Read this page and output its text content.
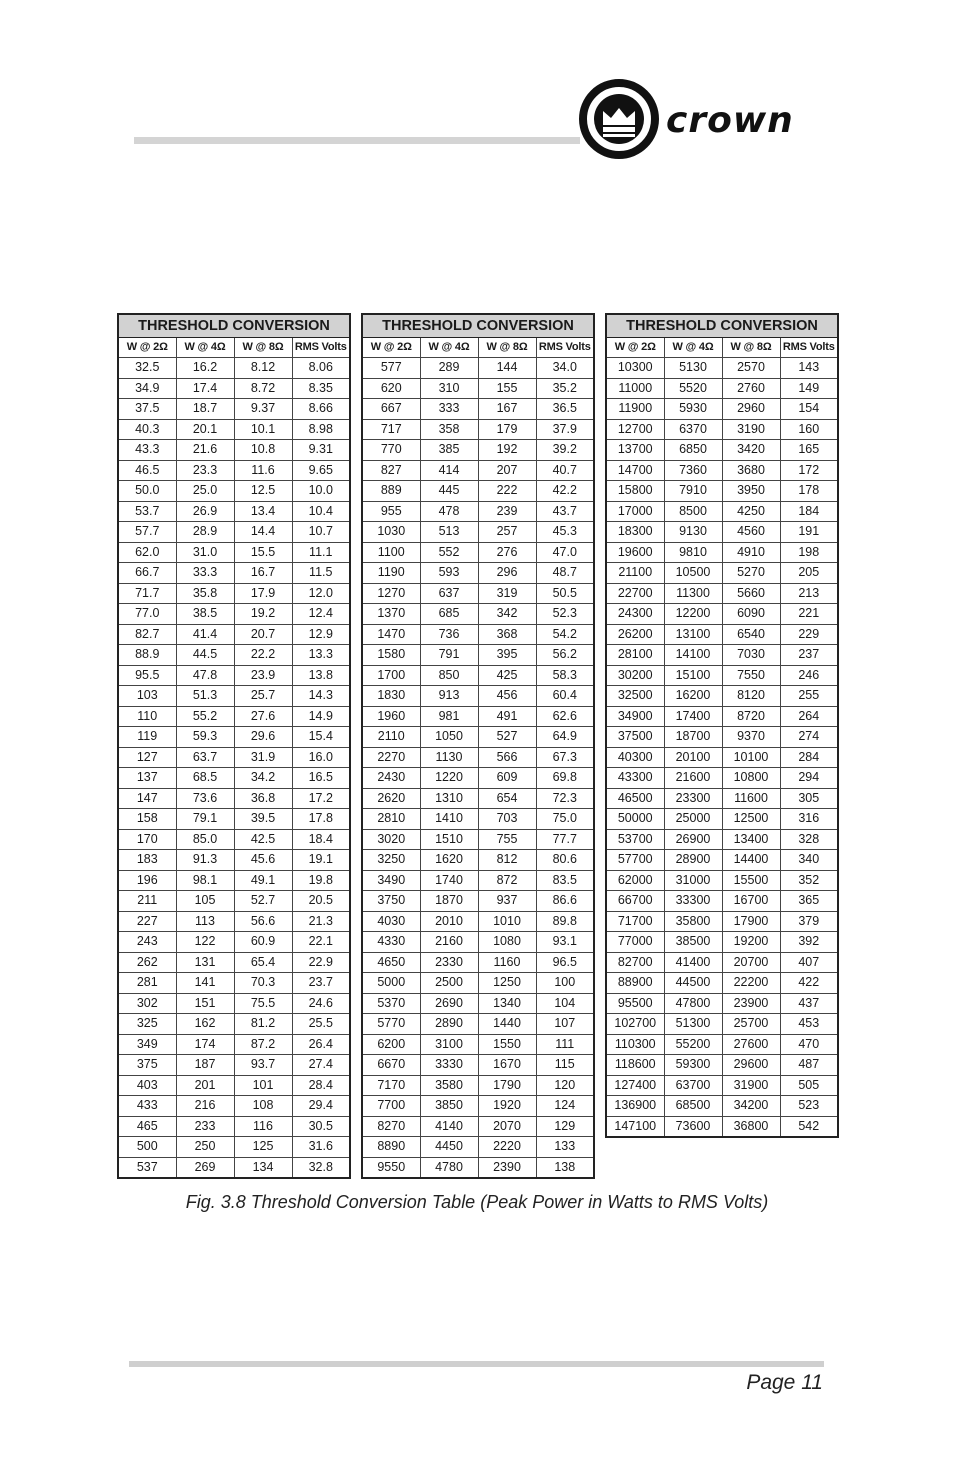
crown
THRESHOLD CONVERSION			
W @ 2Ω	W @ 4Ω	W @ 8Ω	RMS Volts
32.5	16.2	8.12	8.06
34.9	17.4	8.72	8.35
37.5	18.7	9.37	8.66
40.3	20.1	10.1	8.98
43.3	21.6	10.8	9.31
46.5	23.3	11.6	9.65
50.0	25.0	12.5	10.0
53.7	26.9	13.4	10.4
57.7	28.9	14.4	10.7
62.0	31.0	15.5	11.1
66.7	33.3	16.7	11.5
71.7	35.8	17.9	12.0
77.0	38.5	19.2	12.4
82.7	41.4	20.7	12.9
88.9	44.5	22.2	13.3
95.5	47.8	23.9	13.8
103	51.3	25.7	14.3
110	55.2	27.6	14.9
119	59.3	29.6	15.4
127	63.7	31.9	16.0
137	68.5	34.2	16.5
147	73.6	36.8	17.2
158	79.1	39.5	17.8
170	85.0	42.5	18.4
183	91.3	45.6	19.1
196	98.1	49.1	19.8
211	105	52.7	20.5
227	113	56.6	21.3
243	122	60.9	22.1
262	131	65.4	22.9
281	141	70.3	23.7
302	151	75.5	24.6
325	162	81.2	25.5
349	174	87.2	26.4
375	187	93.7	27.4
403	201	101	28.4
433	216	108	29.4
465	233	116	30.5
500	250	125	31.6
537	269	134	32.8
THRESHOLD CONVERSION			
W @ 2Ω	W @ 4Ω	W @ 8Ω	RMS Volts
577	289	144	34.0
620	310	155	35.2
667	333	167	36.5
717	358	179	37.9
770	385	192	39.2
827	414	207	40.7
889	445	222	42.2
955	478	239	43.7
1030	513	257	45.3
1100	552	276	47.0
1190	593	296	48.7
1270	637	319	50.5
1370	685	342	52.3
1470	736	368	54.2
1580	791	395	56.2
1700	850	425	58.3
1830	913	456	60.4
1960	981	491	62.6
2110	1050	527	64.9
2270	1130	566	67.3
2430	1220	609	69.8
2620	1310	654	72.3
2810	1410	703	75.0
3020	1510	755	77.7
3250	1620	812	80.6
3490	1740	872	83.5
3750	1870	937	86.6
4030	2010	1010	89.8
4330	2160	1080	93.1
4650	2330	1160	96.5
5000	2500	1250	100
5370	2690	1340	104
5770	2890	1440	107
6200	3100	1550	111
6670	3330	1670	115
7170	3580	1790	120
7700	3850	1920	124
8270	4140	2070	129
8890	4450	2220	133
9550	4780	2390	138
THRESHOLD CONVERSION			
W @ 2Ω	W @ 4Ω	W @ 8Ω	RMS Volts
10300	5130	2570	143
11000	5520	2760	149
11900	5930	2960	154
12700	6370	3190	160
13700	6850	3420	165
14700	7360	3680	172
15800	7910	3950	178
17000	8500	4250	184
18300	9130	4560	191
19600	9810	4910	198
21100	10500	5270	205
22700	11300	5660	213
24300	12200	6090	221
26200	13100	6540	229
28100	14100	7030	237
30200	15100	7550	246
32500	16200	8120	255
34900	17400	8720	264
37500	18700	9370	274
40300	20100	10100	284
43300	21600	10800	294
46500	23300	11600	305
50000	25000	12500	316
53700	26900	13400	328
57700	28900	14400	340
62000	31000	15500	352
66700	33300	16700	365
71700	35800	17900	379
77000	38500	19200	392
82700	41400	20700	407
88900	44500	22200	422
95500	47800	23900	437
102700	51300	25700	453
110300	55200	27600	470
118600	59300	29600	487
127400	63700	31900	505
136900	68500	34200	523
147100	73600	36800	542
Fig. 3.8 Threshold Conversion Table (Peak Power in Watts to RMS Volts)
Page 11
